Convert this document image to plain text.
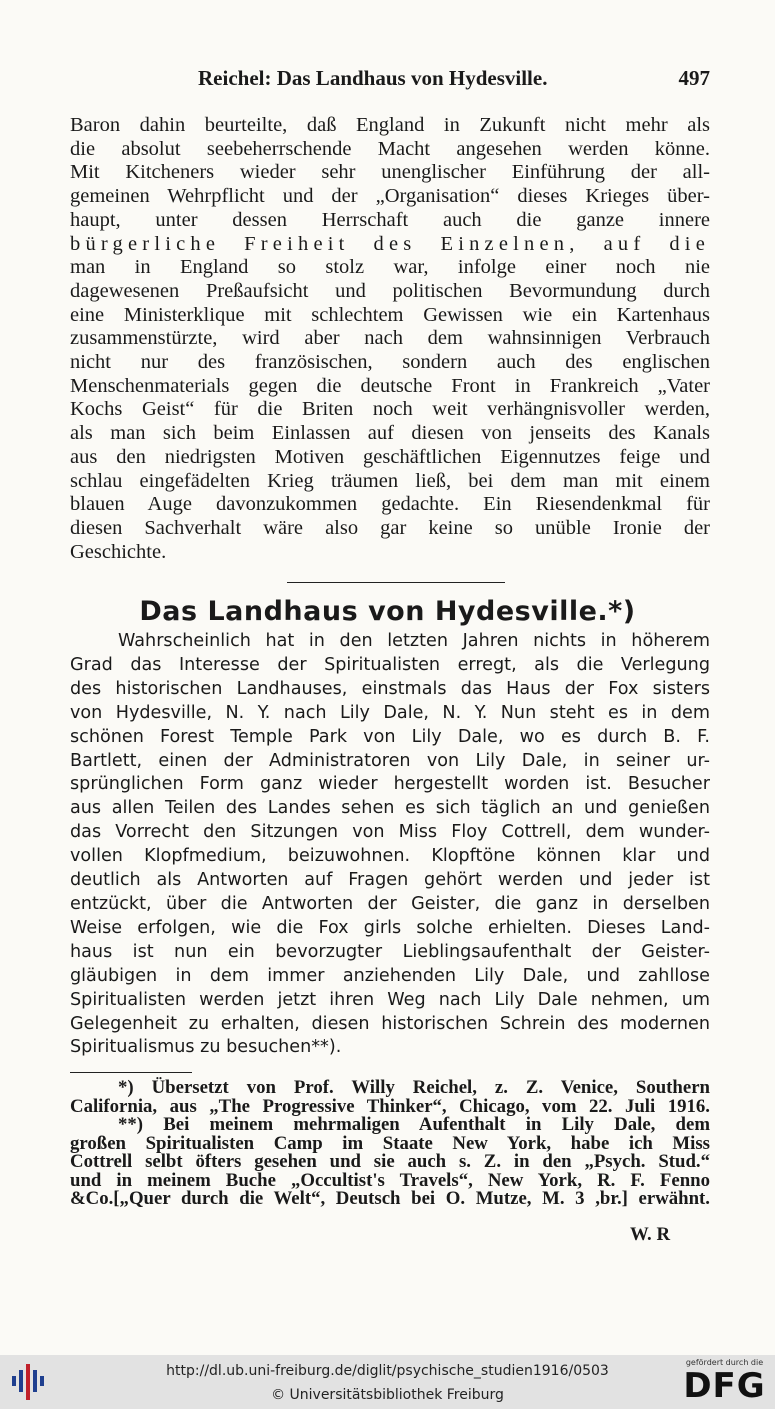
Reichel: Das Landhaus von Hydesville.	497
Baron dahin beurteilte, daß England in Zukunft nicht mehr als
die absolut seebeherrschende Macht angesehen werden könne.
Mit Kitcheners wieder sehr unenglischer Einführung der all-
gemeinen Wehrpflicht und der „Organisation“ dieses Krieges über-
haupt, unter dessen Herrschaft auch die ganze innere
bürgerliche Freiheit des Einzelnen, auf die
man in England so stolz war, infolge einer noch nie
dagewesenen Preßaufsicht und politischen Bevormundung durch
eine Ministerklique mit schlechtem Gewissen wie ein Kartenhaus
zusammenstürzte, wird aber nach dem wahnsinnigen Verbrauch
nicht nur des französischen, sondern auch des englischen
Menschenmaterials gegen die deutsche Front in Frankreich „Vater
Kochs Geist“ für die Briten noch weit verhängnisvoller werden,
als man sich beim Einlassen auf diesen von jenseits des Kanals
aus den niedrigsten Motiven geschäftlichen Eigennutzes feige und
schlau eingefädelten Krieg träumen ließ, bei dem man mit einem
blauen Auge davonzukommen gedachte. Ein Riesendenkmal für
diesen Sachverhalt wäre also gar keine so unüble Ironie der
Geschichte.
Das Landhaus von Hydesville.*)
Wahrscheinlich hat in den letzten Jahren nichts in höherem
Grad das Interesse der Spiritualisten erregt, als die Verlegung
des historischen Landhauses, einstmals das Haus der Fox sisters
von Hydesville, N. Y. nach Lily Dale, N. Y. Nun steht es in dem
schönen Forest Temple Park von Lily Dale, wo es durch B. F.
Bartlett, einen der Administratoren von Lily Dale, in seiner ur-
sprünglichen Form ganz wieder hergestellt worden ist. Besucher
aus allen Teilen des Landes sehen es sich täglich an und genießen
das Vorrecht den Sitzungen von Miss Floy Cottrell, dem wunder-
vollen Klopfmedium, beizuwohnen. Klopftöne können klar und
deutlich als Antworten auf Fragen gehört werden und jeder ist
entzückt, über die Antworten der Geister, die ganz in derselben
Weise erfolgen, wie die Fox girls solche erhielten. Dieses Land-
haus ist nun ein bevorzugter Lieblingsaufenthalt der Geister-
gläubigen in dem immer anziehenden Lily Dale, und zahllose
Spiritualisten werden jetzt ihren Weg nach Lily Dale nehmen, um
Gelegenheit zu erhalten, diesen historischen Schrein des modernen
Spiritualismus zu besuchen**).
*) Übersetzt von Prof. Willy Reichel, z. Z. Venice, Southern
California, aus „The Progressive Thinker“, Chicago, vom 22. Juli 1916.
**) Bei meinem mehrmaligen Aufenthalt in Lily Dale, dem
großen Spiritualisten Camp im Staate New York, habe ich Miss
Cottrell selbt öfters gesehen und sie auch s. Z. in den „Psych. Stud.“
und in meinem Buche „Occultist's Travels“, New York, R. F. Fenno
&Co.[„Quer durch die Welt“, Deutsch bei O. Mutze, M. 3 ,br.] erwähnt.
W. R
http://dl.ub.uni-freiburg.de/diglit/psychische_studien1916/0503
© Universitätsbibliothek Freiburg
gefördert durch die
DFG
